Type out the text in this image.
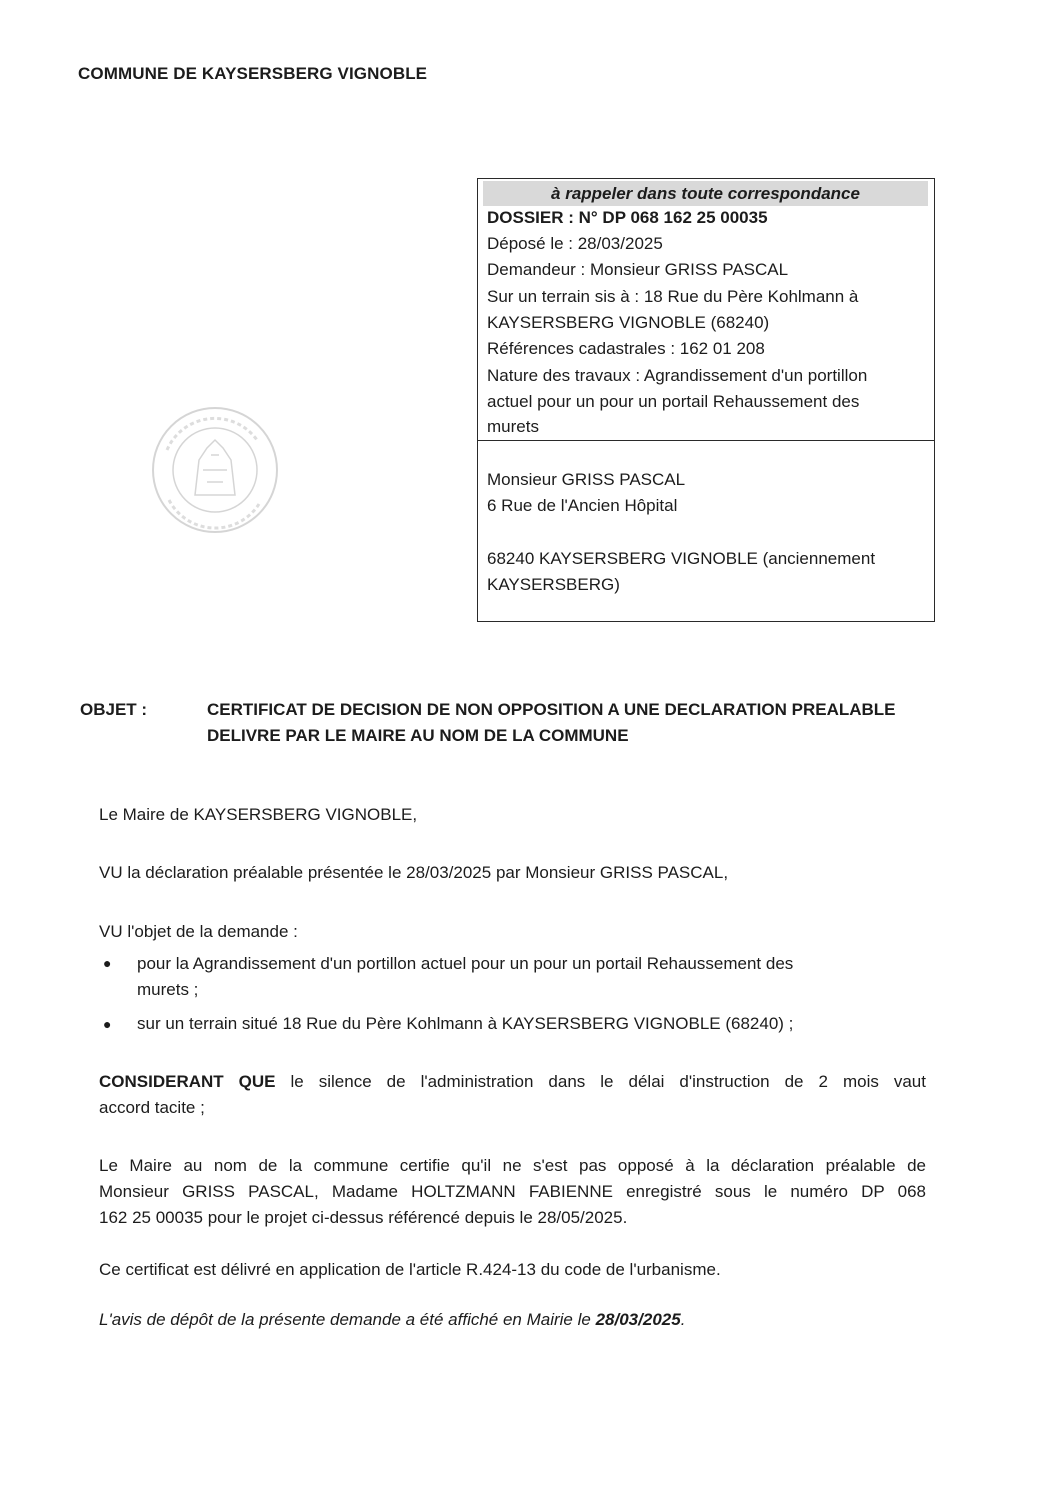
COMMUNE DE KAYSERSBERG VIGNOBLE
à rappeler dans toute correspondance
DOSSIER : N° DP 068 162 25 00035
Déposé le : 28/03/2025
Demandeur : Monsieur GRISS PASCAL
Sur un terrain sis à : 18 Rue du Père Kohlmann à
KAYSERSBERG VIGNOBLE (68240)
Références cadastrales : 162 01 208
Nature des travaux : Agrandissement d'un portillon
actuel pour un pour un portail Rehaussement des
murets
Monsieur GRISS PASCAL
6 Rue de l'Ancien Hôpital
68240 KAYSERSBERG VIGNOBLE (anciennement
KAYSERSBERG)
OBJET :	CERTIFICAT DE DECISION DE NON OPPOSITION A UNE DECLARATION PREALABLE
DELIVRE PAR LE MAIRE AU NOM DE LA COMMUNE
Le Maire de KAYSERSBERG VIGNOBLE,
VU la déclaration préalable présentée le 28/03/2025 par Monsieur GRISS PASCAL,
VU l'objet de la demande :
● pour la Agrandissement d'un portillon actuel pour un pour un portail Rehaussement des
murets ;
● sur un terrain situé 18 Rue du Père Kohlmann à KAYSERSBERG VIGNOBLE (68240) ;
CONSIDERANT QUE le silence de l'administration dans le délai d'instruction de 2 mois vaut
accord tacite ;
Le Maire au nom de la commune certifie qu'il ne s'est pas opposé à la déclaration préalable de
Monsieur GRISS PASCAL, Madame HOLTZMANN FABIENNE enregistré sous le numéro DP 068
162 25 00035 pour le projet ci-dessus référencé depuis le 28/05/2025.
Ce certificat est délivré en application de l'article R.424-13 du code de l'urbanisme.
L'avis de dépôt de la présente demande a été affiché en Mairie le 28/03/2025.
